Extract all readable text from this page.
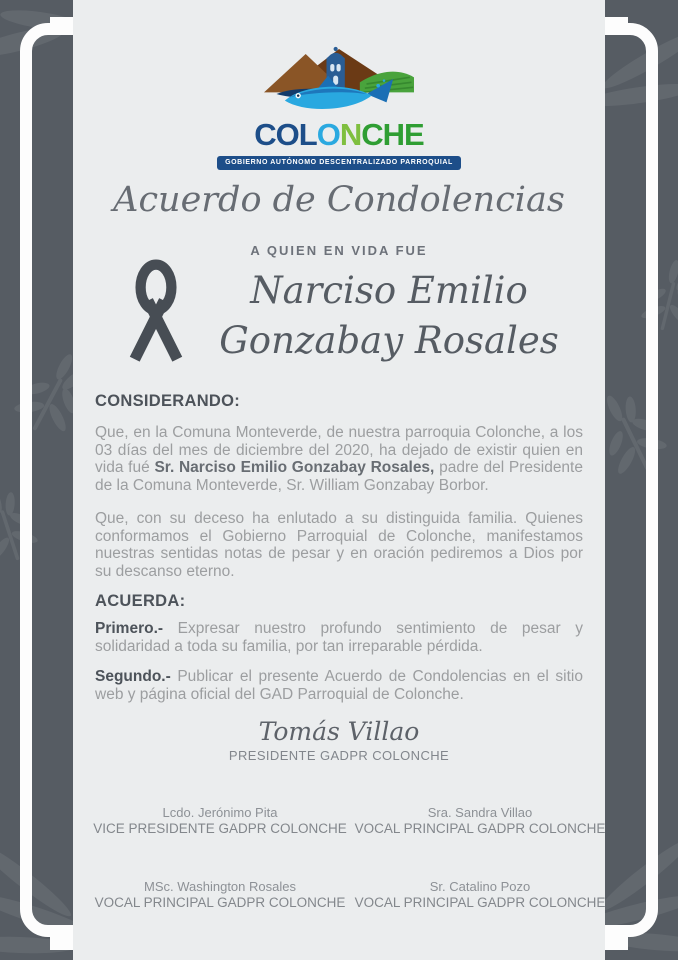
COLONCHE
GOBIERNO AUTÓNOMO DESCENTRALIZADO PARROQUIAL
Acuerdo de Condolencias
A QUIEN EN VIDA FUE
Narciso Emilio
Gonzabay Rosales
CONSIDERANDO:

Que, en la Comuna Monteverde, de nuestra parroquia Colonche, a los 03 días del mes de diciembre del 2020, ha dejado de existir quien en vida fué Sr. Narciso Emilio Gonzabay Rosales, padre del Presidente de la Comuna Monteverde, Sr. William Gonzabay Borbor.

Que, con su deceso ha enlutado a su distinguida familia. Quienes conformamos el Gobierno Parroquial de Colonche, manifestamos nuestras sentidas notas de pesar y en oración pediremos a Dios por su descanso eterno.

ACUERDA:

Primero.- Expresar nuestro profundo sentimiento de pesar y solidaridad a toda su familia, por tan irreparable pérdida.

Segundo.- Publicar el presente Acuerdo de Condolencias en el sitio web y página oficial del GAD Parroquial de Colonche.

Tomás Villao
PRESIDENTE GADPR COLONCHE
Lcdo. Jerónimo Pita
VICE PRESIDENTE GADPR COLONCHE
Sra. Sandra Villao
VOCAL PRINCIPAL GADPR COLONCHE
MSc. Washington Rosales
VOCAL PRINCIPAL GADPR COLONCHE
Sr. Catalino Pozo
VOCAL PRINCIPAL GADPR COLONCHE
